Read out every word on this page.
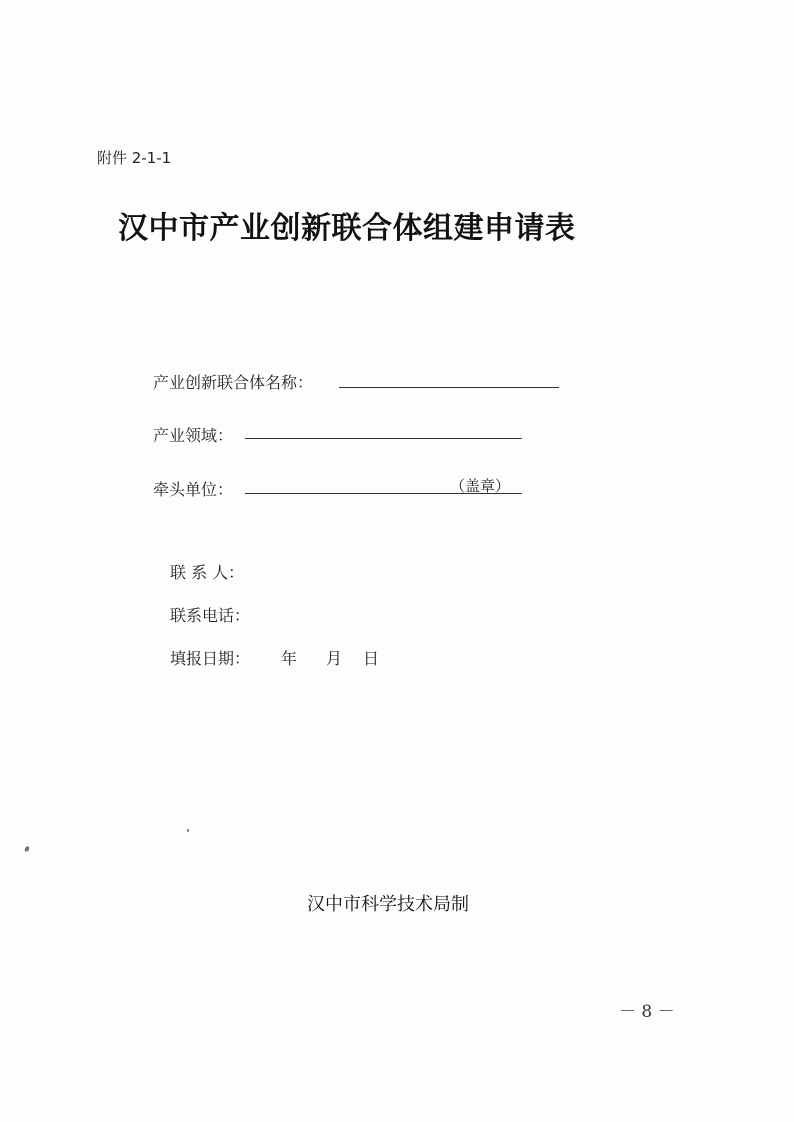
附件 2-1-1
汉中市产业创新联合体组建申请表
产业创新联合体名称：
产业领域：
牵头单位：	（盖章）
联 系 人：
联系电话：
填报日期： 年 月 日
汉中市科学技术局制
－ 8 －
